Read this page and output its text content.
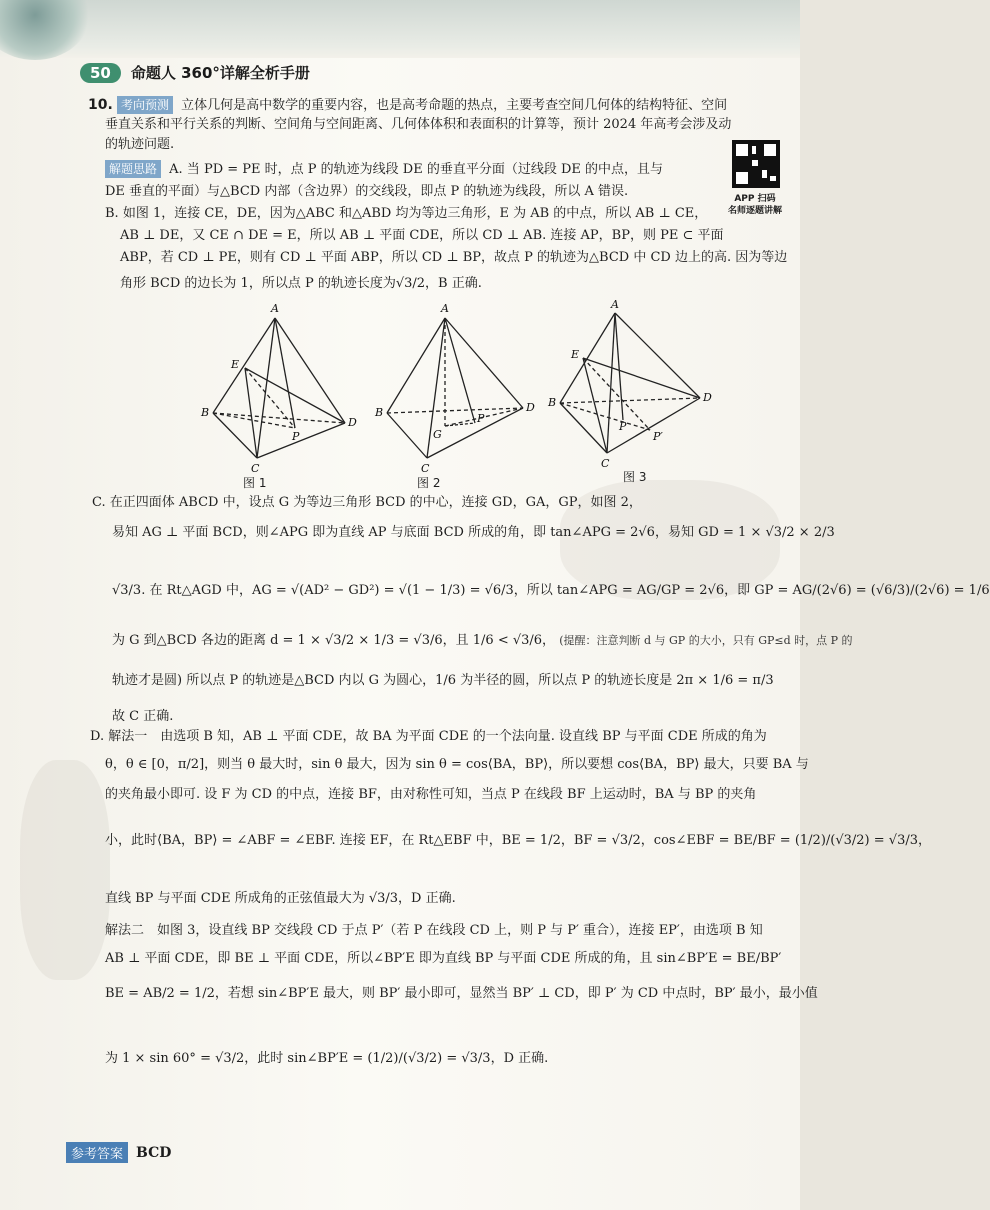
50	命题人 360°详解全析手册
10. 考向预测 立体几何是高中数学的重要内容，也是高考命题的热点，主要考查空间几何体的结构特征、空间
垂直关系和平行关系的判断、空间角与空间距离、几何体体积和表面积的计算等，预计 2024 年高考会涉及动
的轨迹问题.
解题思路 A. 当 PD = PE 时，点 P 的轨迹为线段 DE 的垂直平分面（过线段 DE 的中点，且与
DE 垂直的平面）与△BCD 内部（含边界）的交线段，即点 P 的轨迹为线段，所以 A 错误.
B. 如图 1，连接 CE，DE，因为△ABC 和△ABD 均为等边三角形，E 为 AB 的中点，所以 AB ⊥ CE，
AB ⊥ DE，又 CE ∩ DE = E，所以 AB ⊥ 平面 CDE，所以 CD ⊥ AB. 连接 AP，BP，则 PE ⊂ 平面
ABP，若 CD ⊥ PE，则有 CD ⊥ 平面 ABP，所以 CD ⊥ BP，故点 P 的轨迹为△BCD 中 CD 边上的高. 因为等边
角形 BCD 的边长为 1，所以点 P 的轨迹长度为√3/2，B 正确.
APP 扫码
名师逐题讲解
A
B
C
D
E
P
A
B
C
D
G
P
A
B
C
D
E
P
P′
图 1	图 2	图 3
C. 在正四面体 ABCD 中，设点 G 为等边三角形 BCD 的中心，连接 GD，GA，GP，如图 2，
易知 AG ⊥ 平面 BCD，则∠APG 即为直线 AP 与底面 BCD 所成的角，即 tan∠APG = 2√6，易知 GD = 1 × √3/2 × 2/3
√3/3. 在 Rt△AGD 中，AG = √(AD² − GD²) = √(1 − 1/3) = √6/3，所以 tan∠APG = AG/GP = 2√6，即 GP = AG/(2√6) = (√6/3)/(2√6) = 1/6
为 G 到△BCD 各边的距离 d = 1 × √3/2 × 1/3 = √3/6，且 1/6 < √3/6， (提醒：注意判断 d 与 GP 的大小，只有 GP≤d 时，点 P 的
轨迹才是圆) 所以点 P 的轨迹是△BCD 内以 G 为圆心，1/6 为半径的圆，所以点 P 的轨迹长度是 2π × 1/6 = π/3
故 C 正确.
D. 解法一　由选项 B 知，AB ⊥ 平面 CDE，故 BA 为平面 CDE 的一个法向量. 设直线 BP 与平面 CDE 所成的角为
θ，θ ∈ [0，π/2]，则当 θ 最大时，sin θ 最大，因为 sin θ = cos⟨BA，BP⟩，所以要想 cos⟨BA，BP⟩ 最大，只要 BA 与
的夹角最小即可. 设 F 为 CD 的中点，连接 BF，由对称性可知，当点 P 在线段 BF 上运动时，BA 与 BP 的夹角
小，此时⟨BA，BP⟩ = ∠ABF = ∠EBF. 连接 EF，在 Rt△EBF 中，BE = 1/2，BF = √3/2，cos∠EBF = BE/BF = (1/2)/(√3/2) = √3/3，
直线 BP 与平面 CDE 所成角的正弦值最大为 √3/3，D 正确.
解法二　如图 3，设直线 BP 交线段 CD 于点 P′（若 P 在线段 CD 上，则 P 与 P′ 重合），连接 EP′，由选项 B 知
AB ⊥ 平面 CDE，即 BE ⊥ 平面 CDE，所以∠BP′E 即为直线 BP 与平面 CDE 所成的角，且 sin∠BP′E = BE/BP′
BE = AB/2 = 1/2，若想 sin∠BP′E 最大，则 BP′ 最小即可，显然当 BP′ ⊥ CD，即 P′ 为 CD 中点时，BP′ 最小，最小值
为 1 × sin 60° = √3/2，此时 sin∠BP′E = (1/2)/(√3/2) = √3/3，D 正确.
参考答案 BCD
